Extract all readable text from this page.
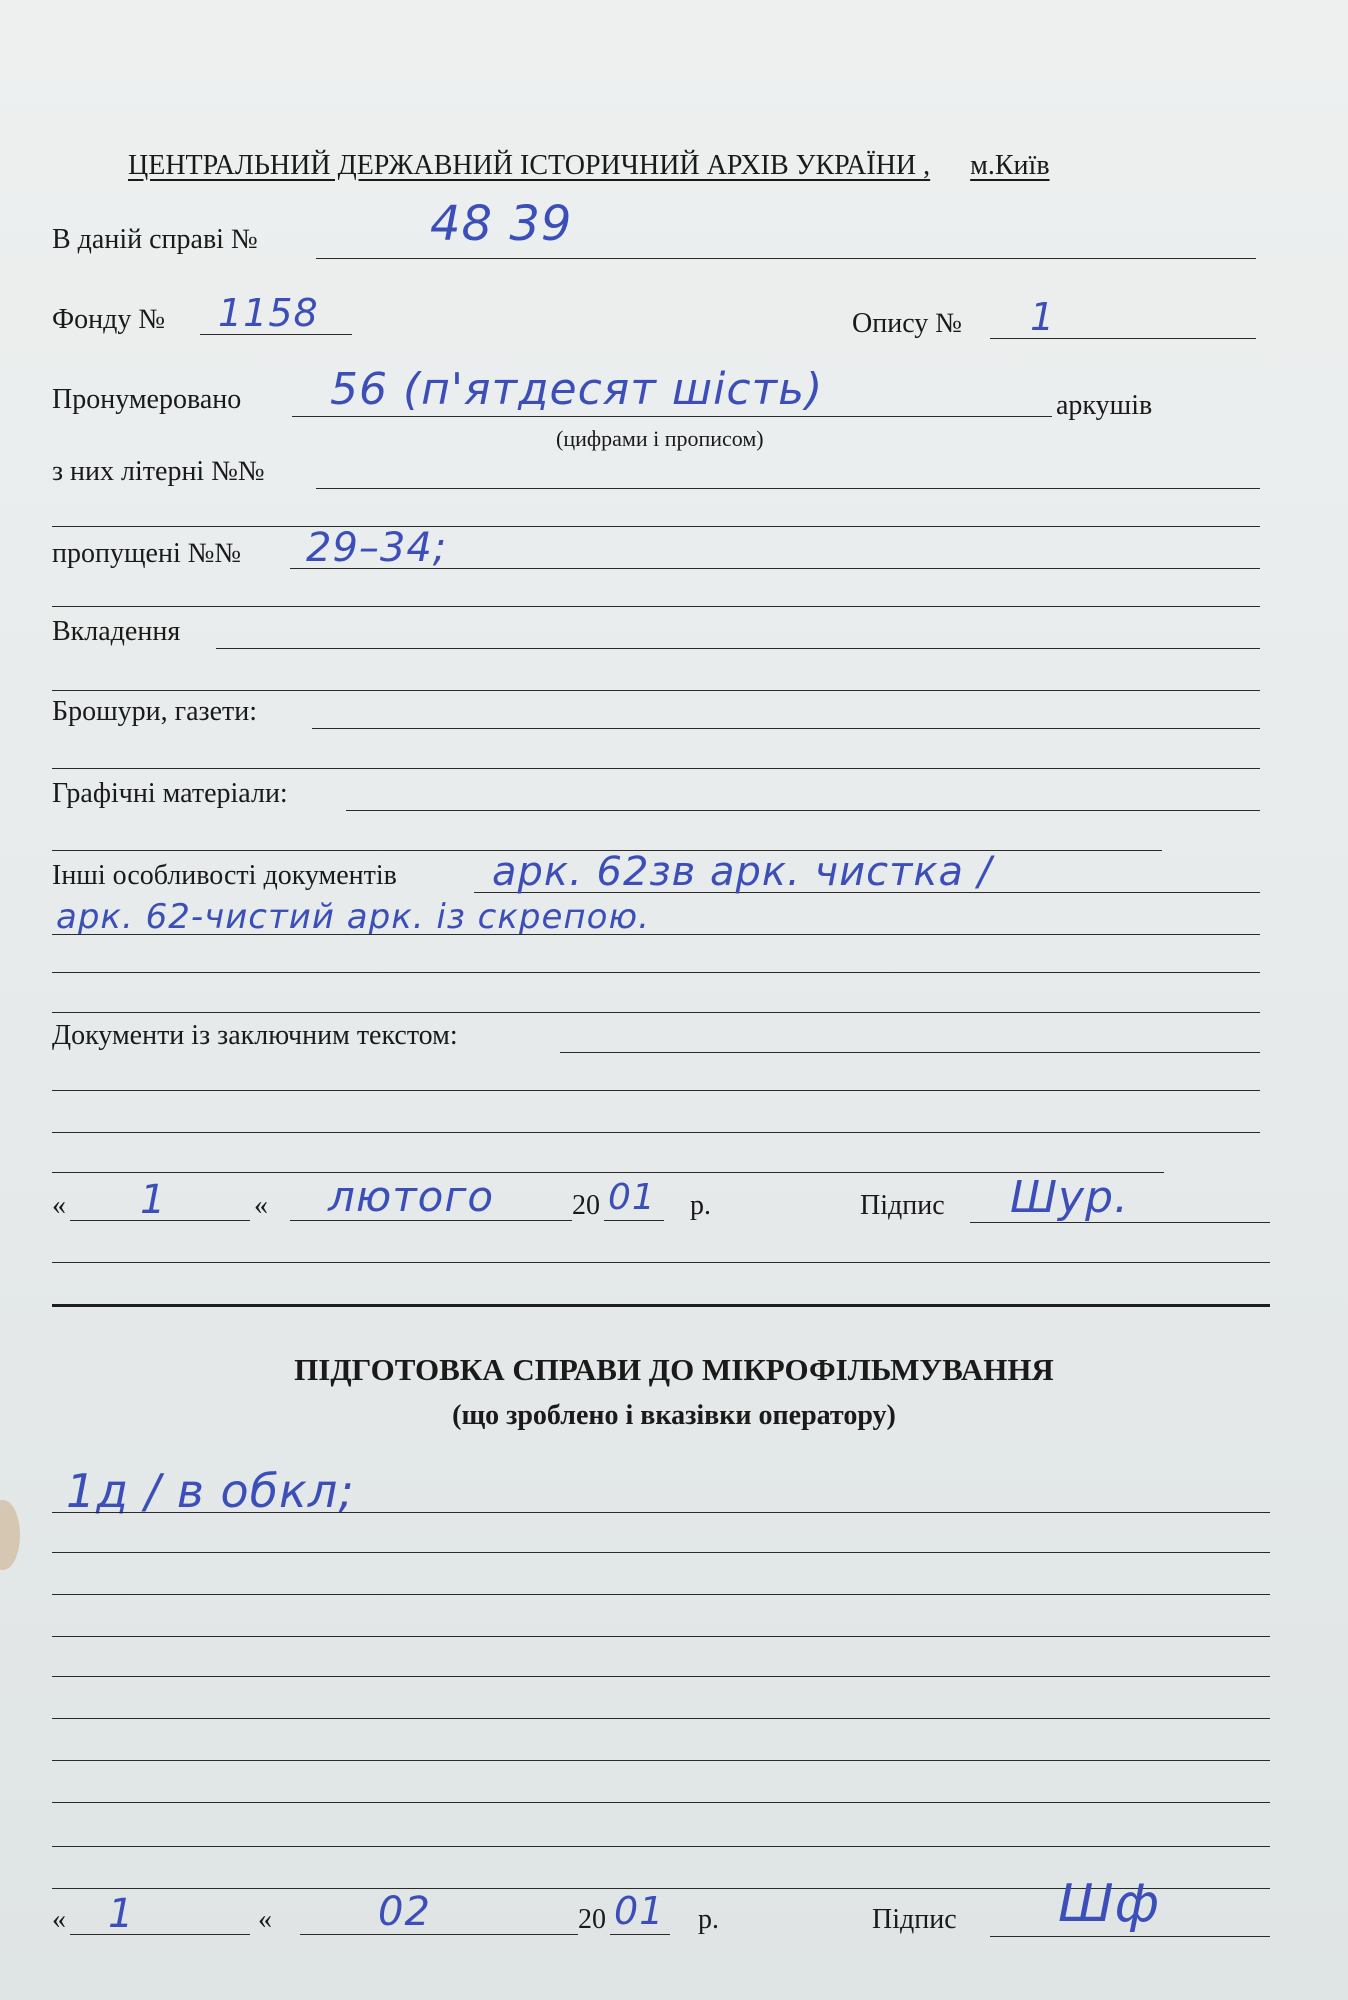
ЦЕНТРАЛЬНИЙ ДЕРЖАВНИЙ ІСТОРИЧНИЙ АРХІВ УКРАЇНИ , м.Київ
В даній справі №	48 39
Фонду № 1158	Опису № 1
Пронумеровано 56 (п'ятдесят шість)	аркушів
(цифрами і прописом)
з них літерні №№
пропущені №№ 29–34;
Вкладення
Брошури, газети:
Графічні матеріали:
Інші особливості документів арк. 62зв арк. чистка /
арк. 62-чистий арк. із скрепою.
Документи із заключним текстом:
« 1	« лютого	20 01 р.	Підпис Шур.
ПІДГОТОВКА СПРАВИ ДО МІКРОФІЛЬМУВАННЯ
(що зроблено і вказівки оператору)
1д / в обкл;
« 1	«	02	20 01 р.	Підпис Шф
